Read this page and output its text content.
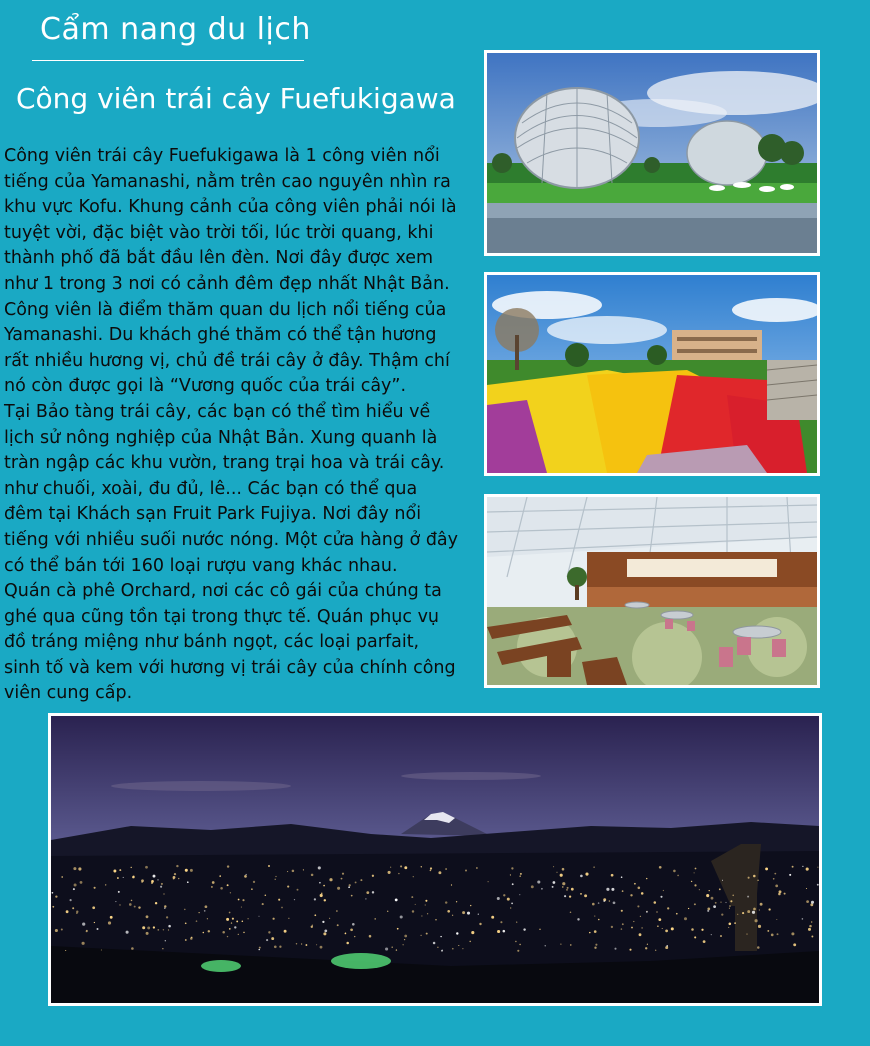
Cẩm nang du lịch
Công viên trái cây Fuefukigawa

Công viên trái cây Fuefukigawa là 1 công viên nổi
tiếng của Yamanashi, nằm trên cao nguyên nhìn ra
khu vực Kofu. Khung cảnh của công viên phải nói là
tuyệt vời, đặc biệt vào trời tối, lúc trời quang, khi
thành phố đã bắt đầu lên đèn. Nơi đây được xem
như 1 trong 3 nơi có cảnh đêm đẹp nhất Nhật Bản.
Công viên là điểm thăm quan du lịch nổi tiếng của
Yamanashi. Du khách ghé thăm có thể tận hương
rất nhiều hương vị, chủ đề trái cây ở đây. Thậm chí
nó còn được gọi là “Vương quốc của trái cây”.
Tại Bảo tàng trái cây, các bạn có thể tìm hiểu về
lịch sử nông nghiệp của Nhật Bản. Xung quanh là
tràn ngập các khu vườn, trang trại hoa và trái cây.
như chuối, xoài, đu đủ, lê... Các bạn có thể qua
đêm tại Khách sạn Fruit Park Fujiya. Nơi đây nổi
tiếng với nhiều suối nước nóng. Một cửa hàng ở đây
có thể bán tới 160 loại rượu vang khác nhau.
Quán cà phê Orchard, nơi các cô gái của chúng ta
ghé qua cũng tồn tại trong thực tế. Quán phục vụ
đồ tráng miệng như bánh ngọt, các loại parfait,
sinh tố và kem với hương vị trái cây của chính công
viên cung cấp.
